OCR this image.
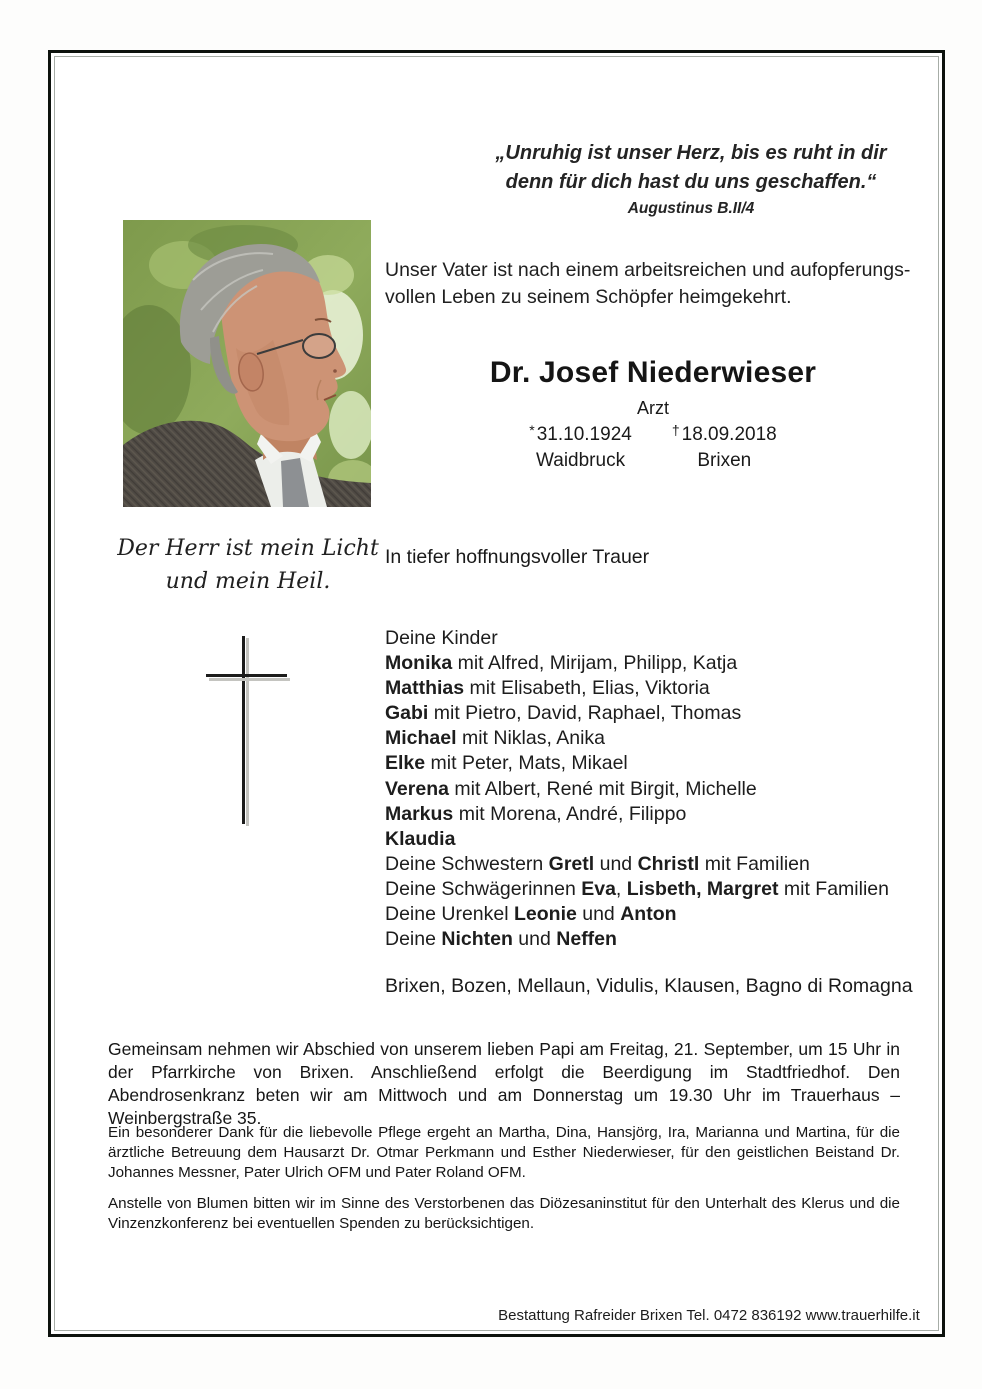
„Unruhig ist unser Herz, bis es ruht in dir
denn für dich hast du uns geschaffen.“
Augustinus B.II/4
Unser Vater ist nach einem arbeitsreichen und aufopferungs-
vollen Leben zu seinem Schöpfer heimgekehrt.
Dr. Josef Niederwieser
Arzt
* 31.10.1924
Waidbruck
† 18.09.2018
Brixen
Der Herr ist mein Licht
und mein Heil.
In tiefer hoffnungsvoller Trauer
Deine Kinder
Monika mit Alfred, Mirijam, Philipp, Katja
Matthias mit Elisabeth, Elias, Viktoria
Gabi mit Pietro, David, Raphael, Thomas
Michael mit Niklas, Anika
Elke mit Peter, Mats, Mikael
Verena mit Albert, René mit Birgit, Michelle
Markus mit Morena, André, Filippo
Klaudia
Deine Schwestern Gretl und Christl mit Familien
Deine Schwägerinnen Eva, Lisbeth, Margret mit Familien
Deine Urenkel Leonie und Anton
Deine Nichten und Neffen
Brixen, Bozen, Mellaun, Vidulis, Klausen, Bagno di Romagna
Gemeinsam nehmen wir Abschied von unserem lieben Papi am Freitag, 21. September, um 15 Uhr in der Pfarrkirche von Brixen. Anschließend erfolgt die Beerdigung im Stadtfriedhof. Den Abendrosenkranz beten wir am Mittwoch und am Donnerstag um 19.30 Uhr im Trauerhaus – Weinbergstraße 35.
Ein besonderer Dank für die liebevolle Pflege ergeht an Martha, Dina, Hansjörg, Ira, Marianna und Martina, für die ärztliche Betreuung dem Hausarzt Dr. Otmar Perkmann und Esther Niederwieser, für den geistlichen Beistand Dr. Johannes Messner, Pater Ulrich OFM und Pater Roland OFM.
Anstelle von Blumen bitten wir im Sinne des Verstorbenen das Diözesaninstitut für den Unterhalt des Klerus und die Vinzenzkonferenz bei eventuellen Spenden zu berücksichtigen.
Bestattung Rafreider Brixen Tel. 0472 836192 www.trauerhilfe.it
